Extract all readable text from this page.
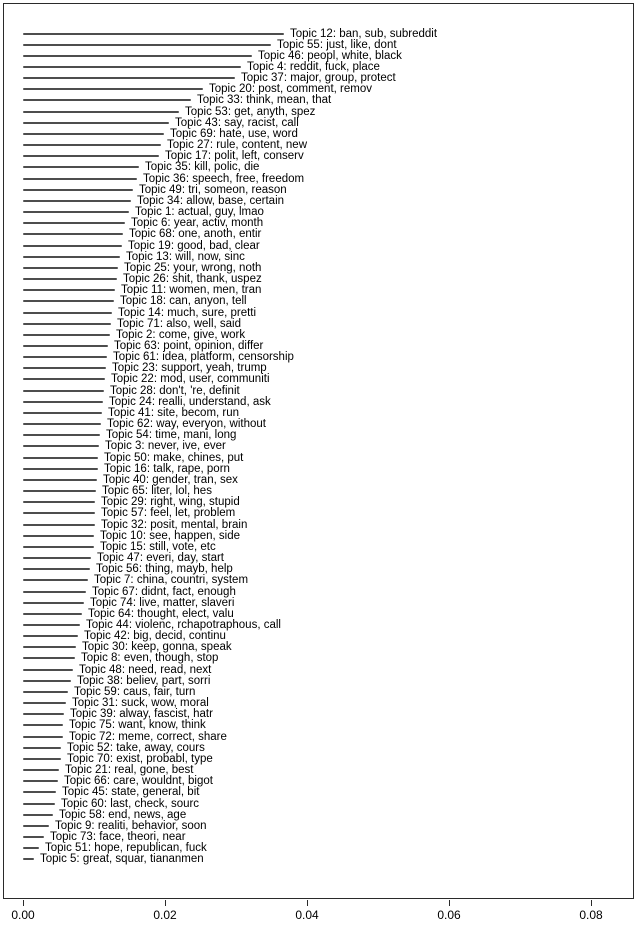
Topic 12: ban, sub, subreddit
Topic 55: just, like, dont
Topic 46: peopl, white, black
Topic 4: reddit, fuck, place
Topic 37: major, group, protect
Topic 20: post, comment, remov
Topic 33: think, mean, that
Topic 53: get, anyth, spez
Topic 43: say, racist, call
Topic 69: hate, use, word
Topic 27: rule, content, new
Topic 17: polit, left, conserv
Topic 35: kill, polic, die
Topic 36: speech, free, freedom
Topic 49: tri, someon, reason
Topic 34: allow, base, certain
Topic 1: actual, guy, lmao
Topic 6: year, activ, month
Topic 68: one, anoth, entir
Topic 19: good, bad, clear
Topic 13: will, now, sinc
Topic 25: your, wrong, noth
Topic 26: shit, thank, uspez
Topic 11: women, men, tran
Topic 18: can, anyon, tell
Topic 14: much, sure, pretti
Topic 71: also, well, said
Topic 2: come, give, work
Topic 63: point, opinion, differ
Topic 61: idea, platform, censorship
Topic 23: support, yeah, trump
Topic 22: mod, user, communiti
Topic 28: don't, 're, definit
Topic 24: realli, understand, ask
Topic 41: site, becom, run
Topic 62: way, everyon, without
Topic 54: time, mani, long
Topic 3: never, ive, ever
Topic 50: make, chines, put
Topic 16: talk, rape, porn
Topic 40: gender, tran, sex
Topic 65: liter, lol, hes
Topic 29: right, wing, stupid
Topic 57: feel, let, problem
Topic 32: posit, mental, brain
Topic 10: see, happen, side
Topic 15: still, vote, etc
Topic 47: everi, day, start
Topic 56: thing, mayb, help
Topic 7: china, countri, system
Topic 67: didnt, fact, enough
Topic 74: live, matter, slaveri
Topic 64: thought, elect, valu
Topic 44: violenc, rchapotraphous, call
Topic 42: big, decid, continu
Topic 30: keep, gonna, speak
Topic 8: even, though, stop
Topic 48: need, read, next
Topic 38: believ, part, sorri
Topic 59: caus, fair, turn
Topic 31: suck, wow, moral
Topic 39: alway, fascist, hatr
Topic 75: want, know, think
Topic 72: meme, correct, share
Topic 52: take, away, cours
Topic 70: exist, probabl, type
Topic 21: real, gone, best
Topic 66: care, wouldnt, bigot
Topic 45: state, general, bit
Topic 60: last, check, sourc
Topic 58: end, news, age
Topic 9: realiti, behavior, soon
Topic 73: face, theori, near
Topic 51: hope, republican, fuck
Topic 5: great, squar, tiananmen
0.00	0.02	0.04	0.06	0.08
